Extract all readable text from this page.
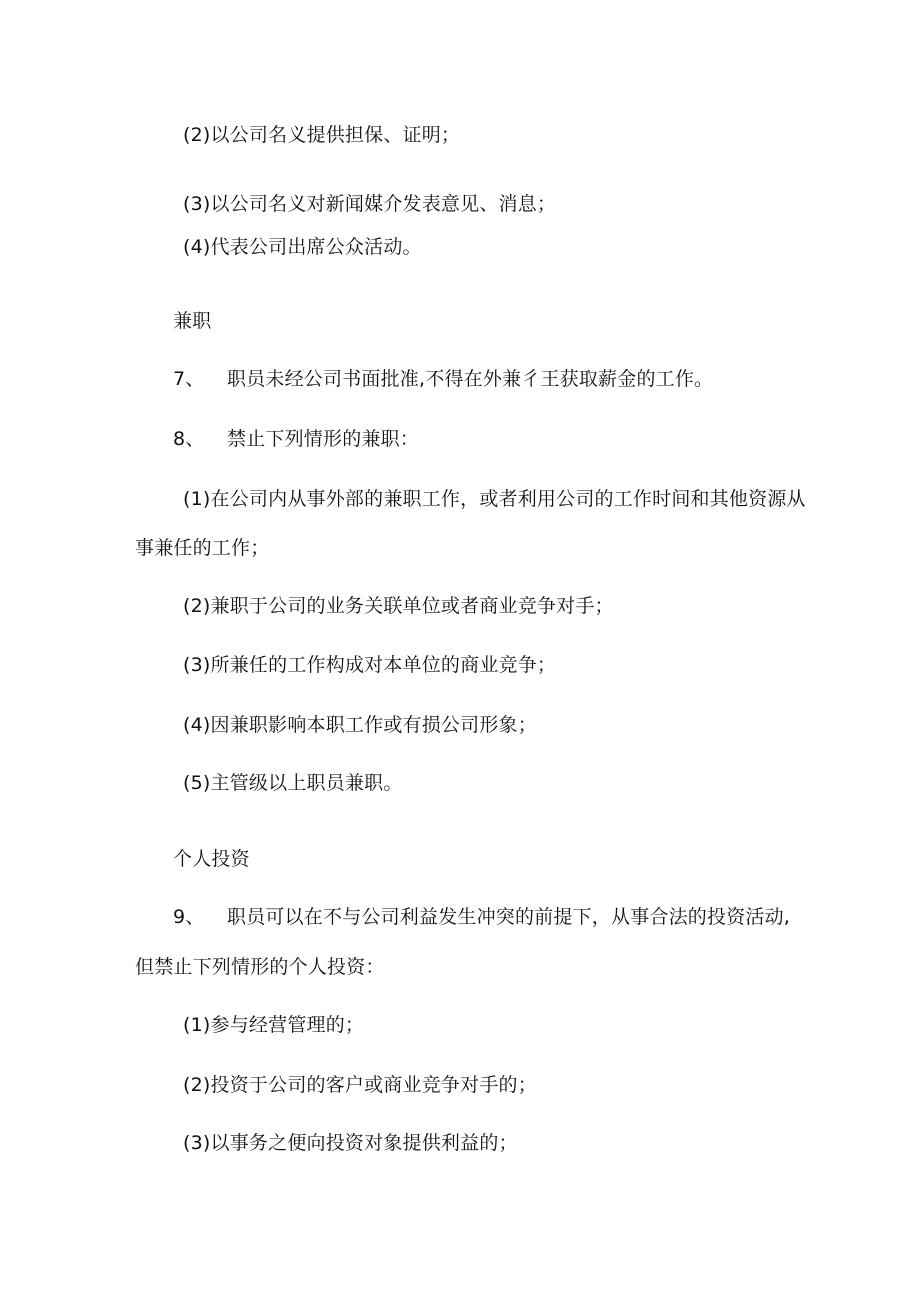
(2)以公司名义提供担保、证明；
(3)以公司名义对新闻媒介发表意见、消息；
(4)代表公司出席公众活动。
兼职
7、 职员未经公司书面批准,不得在外兼彳王获取薪金的工作。
8、 禁止下列情形的兼职：
(1)在公司内从事外部的兼职工作，或者利用公司的工作时间和其他资源从
事兼任的工作；
(2)兼职于公司的业务关联单位或者商业竞争对手；
(3)所兼任的工作构成对本单位的商业竞争；
(4)因兼职影响本职工作或有损公司形象；
(5)主管级以上职员兼职。
个人投资
9、 职员可以在不与公司利益发生冲突的前提下，从事合法的投资活动,
但禁止下列情形的个人投资：
(1)参与经营管理的；
(2)投资于公司的客户或商业竞争对手的；
(3)以事务之便向投资对象提供利益的；
